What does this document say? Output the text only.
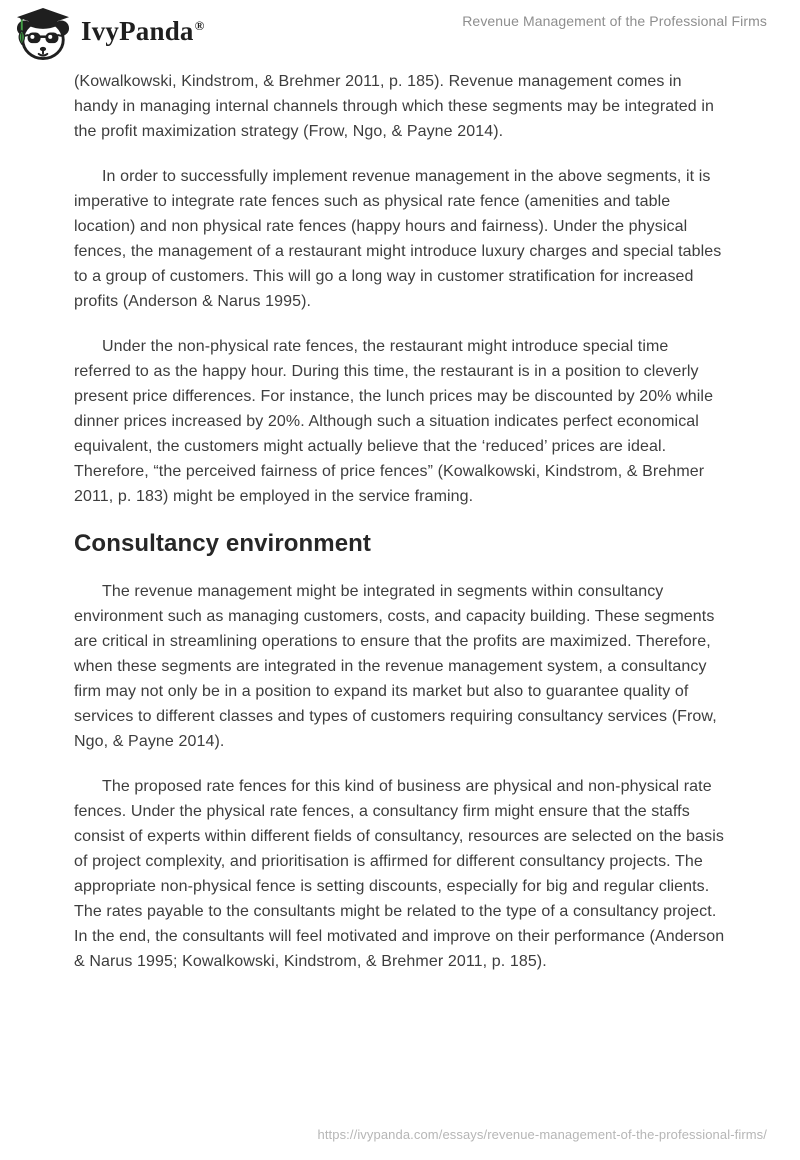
IvyPanda®	Revenue Management of the Professional Firms

(Kowalkowski, Kindstrom, & Brehmer 2011, p. 185). Revenue management comes in handy in managing internal channels through which these segments may be integrated in the profit maximization strategy (Frow, Ngo, & Payne 2014).

In order to successfully implement revenue management in the above segments, it is imperative to integrate rate fences such as physical rate fence (amenities and table location) and non physical rate fences (happy hours and fairness). Under the physical fences, the management of a restaurant might introduce luxury charges and special tables to a group of customers. This will go a long way in customer stratification for increased profits (Anderson & Narus 1995).

Under the non-physical rate fences, the restaurant might introduce special time referred to as the happy hour. During this time, the restaurant is in a position to cleverly present price differences. For instance, the lunch prices may be discounted by 20% while dinner prices increased by 20%. Although such a situation indicates perfect economical equivalent, the customers might actually believe that the ‘reduced’ prices are ideal. Therefore, “the perceived fairness of price fences” (Kowalkowski, Kindstrom, & Brehmer 2011, p. 183) might be employed in the service framing.

Consultancy environment

The revenue management might be integrated in segments within consultancy environment such as managing customers, costs, and capacity building. These segments are critical in streamlining operations to ensure that the profits are maximized. Therefore, when these segments are integrated in the revenue management system, a consultancy firm may not only be in a position to expand its market but also to guarantee quality of services to different classes and types of customers requiring consultancy services (Frow, Ngo, & Payne 2014).

The proposed rate fences for this kind of business are physical and non-physical rate fences. Under the physical rate fences, a consultancy firm might ensure that the staffs consist of experts within different fields of consultancy, resources are selected on the basis of project complexity, and prioritisation is affirmed for different consultancy projects. The appropriate non-physical fence is setting discounts, especially for big and regular clients. The rates payable to the consultants might be related to the type of a consultancy project. In the end, the consultants will feel motivated and improve on their performance (Anderson & Narus 1995; Kowalkowski, Kindstrom, & Brehmer 2011, p. 185).

https://ivypanda.com/essays/revenue-management-of-the-professional-firms/
